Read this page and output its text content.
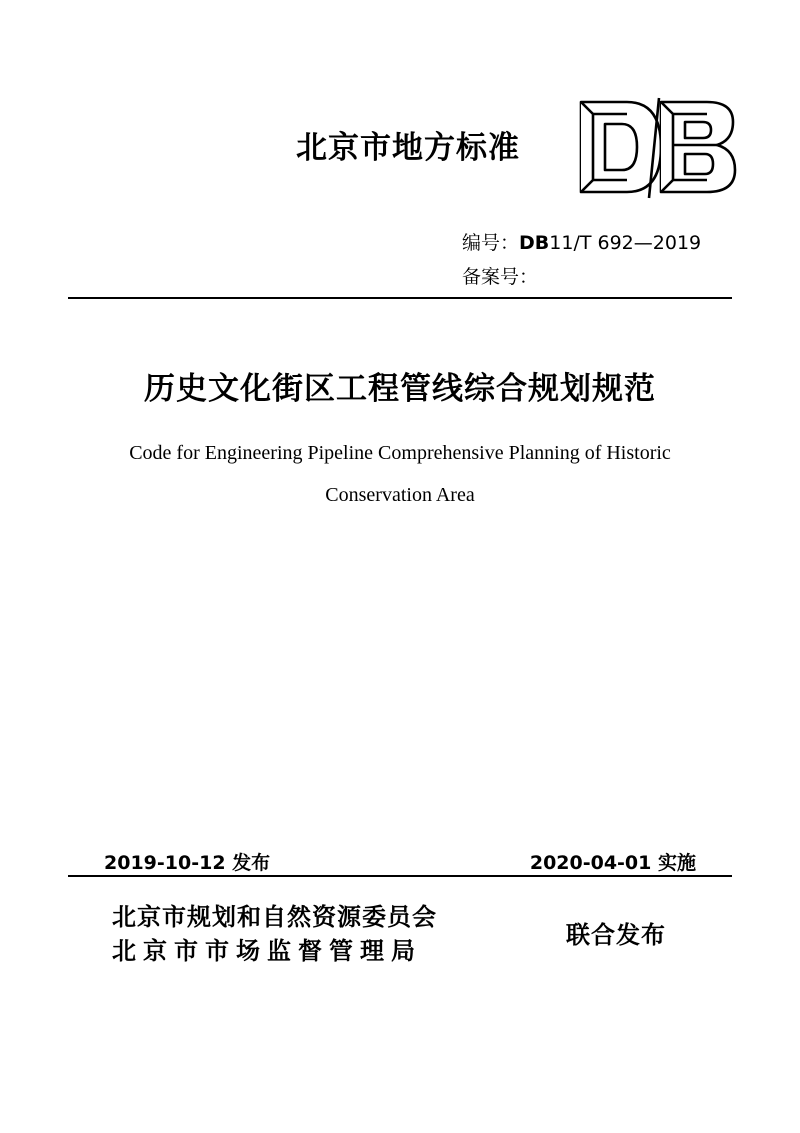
北京市地方标准
编号：DB11/T 692—2019
备案号：
历史文化街区工程管线综合规划规范
Code for Engineering Pipeline Comprehensive Planning of Historic
Conservation Area
2019-10-12 发布	2020-04-01 实施
北京市规划和自然资源委员会
北京市市场监督管理局
联合发布
